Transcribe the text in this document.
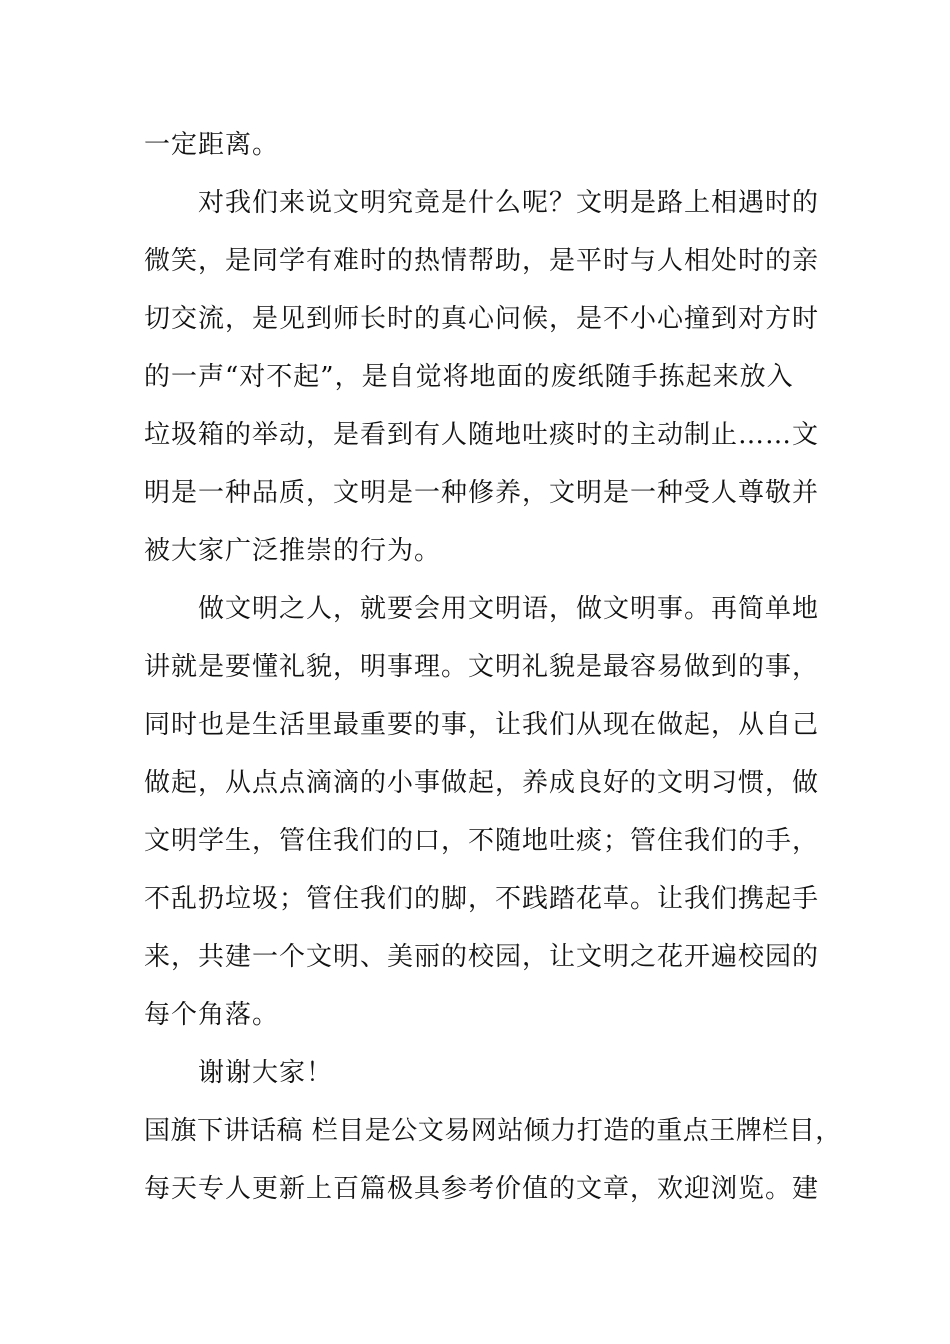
一定距离。
对我们来说文明究竟是什么呢？文明是路上相遇时的
微笑，是同学有难时的热情帮助，是平时与人相处时的亲
切交流，是见到师长时的真心问候，是不小心撞到对方时
的一声“对不起”，是自觉将地面的废纸随手拣起来放入
垃圾箱的举动，是看到有人随地吐痰时的主动制止……文
明是一种品质，文明是一种修养，文明是一种受人尊敬并
被大家广泛推崇的行为。
做文明之人，就要会用文明语，做文明事。再简单地
讲就是要懂礼貌，明事理。文明礼貌是最容易做到的事，
同时也是生活里最重要的事，让我们从现在做起，从自己
做起，从点点滴滴的小事做起，养成良好的文明习惯，做
文明学生，管住我们的口，不随地吐痰；管住我们的手，
不乱扔垃圾；管住我们的脚，不践踏花草。让我们携起手
来，共建一个文明、美丽的校园，让文明之花开遍校园的
每个角落。
谢谢大家！
国旗下讲话稿 栏目是公文易网站倾力打造的重点王牌栏目，
每天专人更新上百篇极具参考价值的文章，欢迎浏览。建
